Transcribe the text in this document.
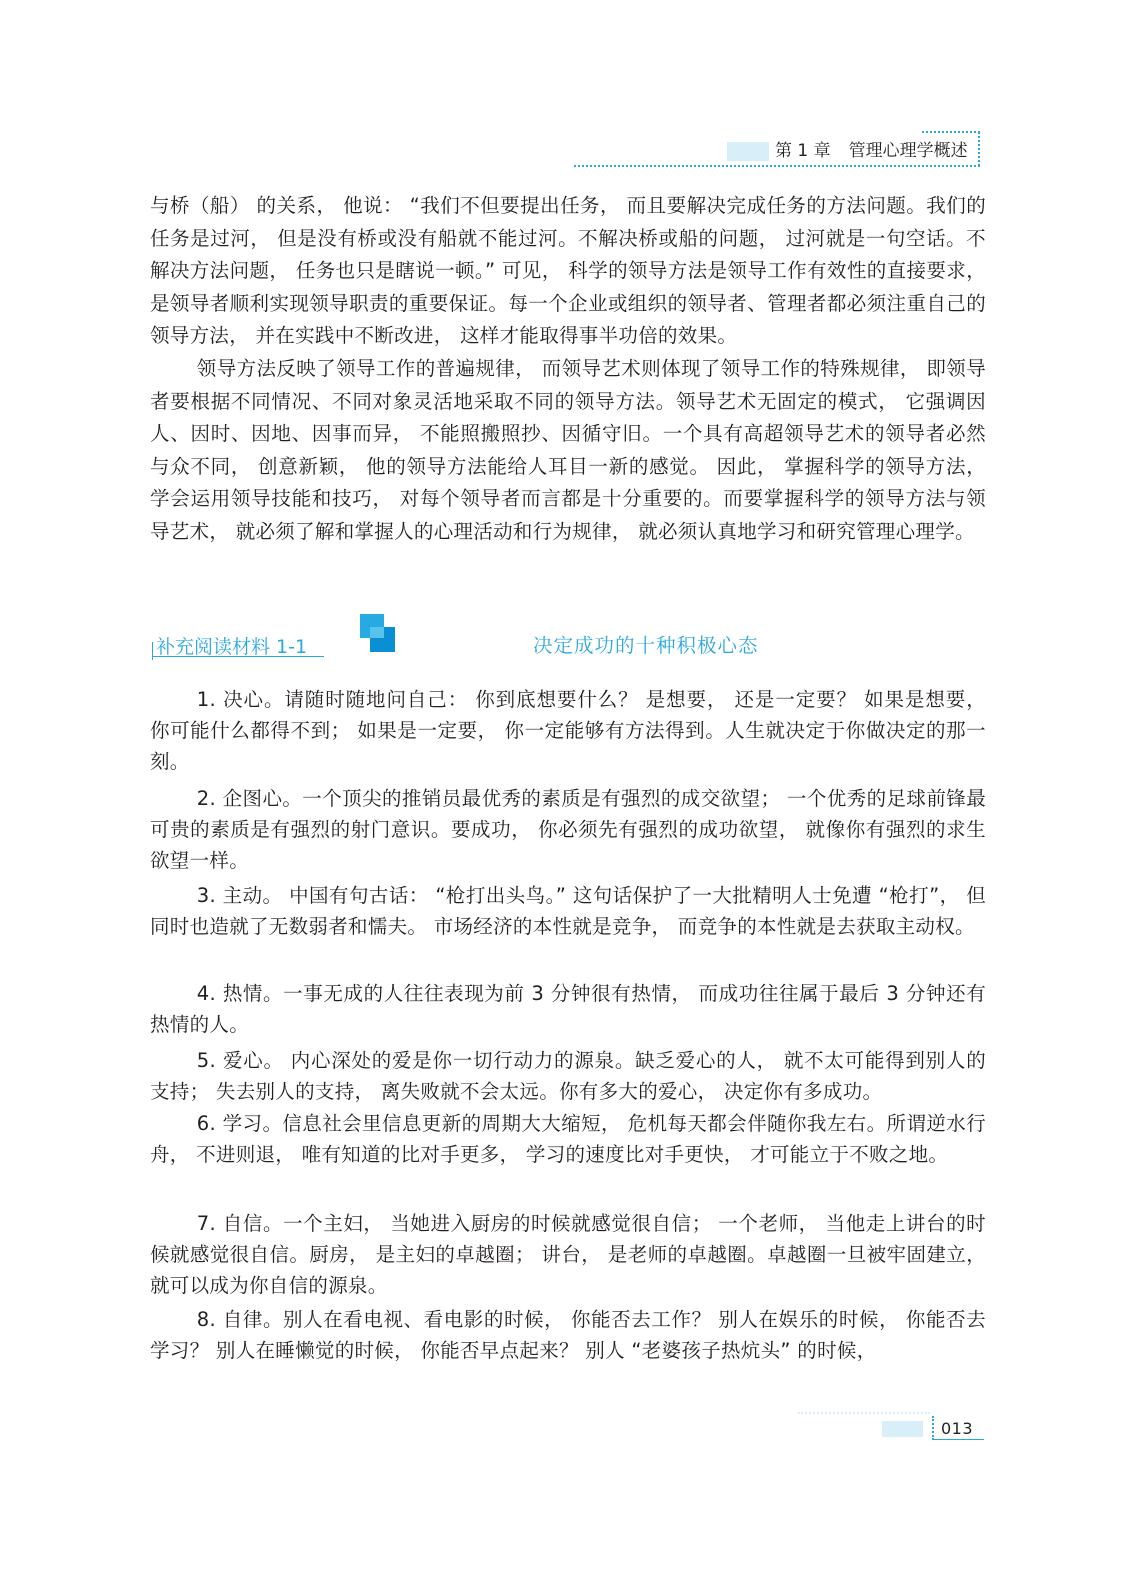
第 1 章 管理心理学概述

与桥（船） 的关系， 他说： “我们不但要提出任务， 而且要解决完成任务的方法问题。我们的任务是过河， 但是没有桥或没有船就不能过河。不解决桥或船的问题， 过河就是一句空话。不解决方法问题， 任务也只是瞎说一顿。” 可见， 科学的领导方法是领导工作有效性的直接要求， 是领导者顺利实现领导职责的重要保证。每一个企业或组织的领导者、管理者都必须注重自己的领导方法， 并在实践中不断改进， 这样才能取得事半功倍的效果。

领导方法反映了领导工作的普遍规律， 而领导艺术则体现了领导工作的特殊规律， 即领导者要根据不同情况、不同对象灵活地采取不同的领导方法。领导艺术无固定的模式， 它强调因人、因时、因地、因事而异， 不能照搬照抄、因循守旧。一个具有高超领导艺术的领导者必然与众不同， 创意新颖， 他的领导方法能给人耳目一新的感觉。 因此， 掌握科学的领导方法， 学会运用领导技能和技巧， 对每个领导者而言都是十分重要的。而要掌握科学的领导方法与领导艺术， 就必须了解和掌握人的心理活动和行为规律， 就必须认真地学习和研究管理心理学。

补充阅读材料 1-1	决定成功的十种积极心态

1. 决心。请随时随地问自己： 你到底想要什么？ 是想要， 还是一定要？ 如果是想要， 你可能什么都得不到； 如果是一定要， 你一定能够有方法得到。人生就决定于你做决定的那一刻。

2. 企图心。一个顶尖的推销员最优秀的素质是有强烈的成交欲望； 一个优秀的足球前锋最可贵的素质是有强烈的射门意识。要成功， 你必须先有强烈的成功欲望， 就像你有强烈的求生欲望一样。

3. 主动。 中国有句古话： “枪打出头鸟。” 这句话保护了一大批精明人士免遭 “枪打”， 但同时也造就了无数弱者和懦夫。 市场经济的本性就是竞争， 而竞争的本性就是去获取主动权。

4. 热情。一事无成的人往往表现为前 3 分钟很有热情， 而成功往往属于最后 3 分钟还有热情的人。

5. 爱心。 内心深处的爱是你一切行动力的源泉。缺乏爱心的人， 就不太可能得到别人的支持； 失去别人的支持， 离失败就不会太远。你有多大的爱心， 决定你有多成功。

6. 学习。信息社会里信息更新的周期大大缩短， 危机每天都会伴随你我左右。所谓逆水行舟， 不进则退， 唯有知道的比对手更多， 学习的速度比对手更快， 才可能立于不败之地。

7. 自信。一个主妇， 当她进入厨房的时候就感觉很自信； 一个老师， 当他走上讲台的时候就感觉很自信。厨房， 是主妇的卓越圈； 讲台， 是老师的卓越圈。卓越圈一旦被牢固建立， 就可以成为你自信的源泉。

8. 自律。别人在看电视、看电影的时候， 你能否去工作？ 别人在娱乐的时候， 你能否去学习？ 别人在睡懒觉的时候， 你能否早点起来？ 别人 “老婆孩子热炕头” 的时候，

013
